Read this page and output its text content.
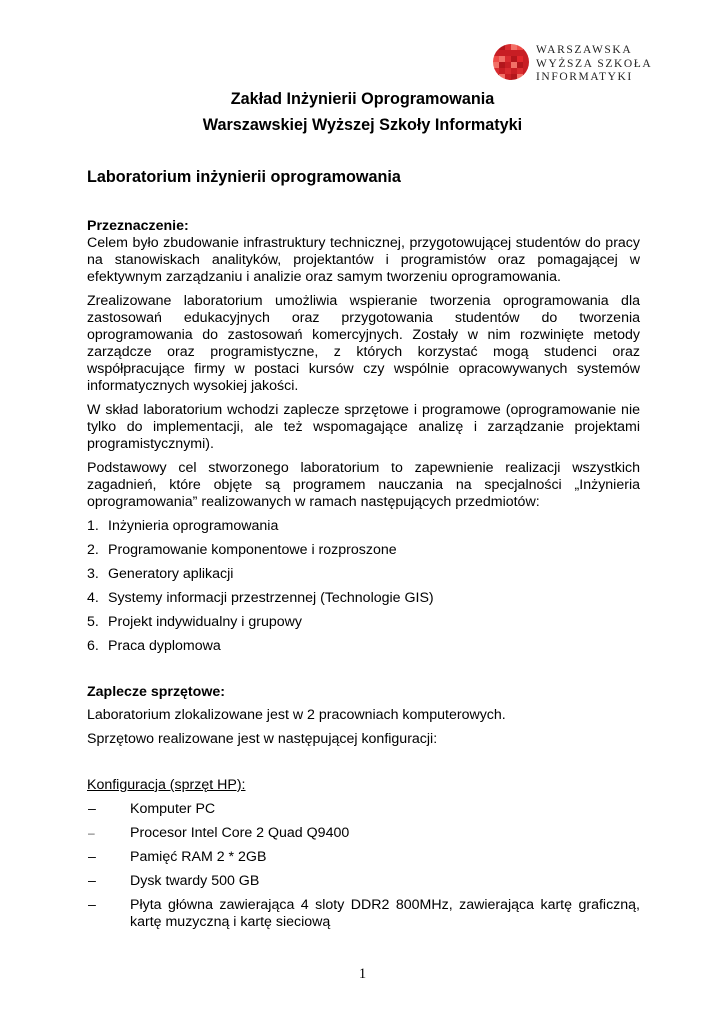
WARSZAWSKA
WYŻSZA SZKOŁA
INFORMATYKI
Zakład Inżynierii Oprogramowania
Warszawskiej Wyższej Szkoły Informatyki
Laboratorium inżynierii oprogramowania

Przeznaczenie:

Celem było zbudowanie infrastruktury technicznej, przygotowującej studentów do pracy na stanowiskach analityków, projektantów i programistów oraz pomagającej w efektywnym zarządzaniu i analizie oraz samym tworzeniu oprogramowania.

Zrealizowane laboratorium umożliwia wspieranie tworzenia oprogramowania dla zastosowań edukacyjnych oraz przygotowania studentów do tworzenia oprogramowania do zastosowań komercyjnych. Zostały w nim rozwinięte metody zarządcze oraz programistyczne, z których korzystać mogą studenci oraz współpracujące firmy w postaci kursów czy wspólnie opracowywanych systemów informatycznych wysokiej jakości.

W skład laboratorium wchodzi zaplecze sprzętowe i programowe (oprogramowanie nie tylko do implementacji, ale też wspomagające analizę i zarządzanie projektami programistycznymi).

Podstawowy cel stworzonego laboratorium to zapewnienie realizacji wszystkich zagadnień, które objęte są programem nauczania na specjalności „Inżynieria oprogramowania” realizowanych w ramach następujących przedmiotów:

1. Inżynieria oprogramowania
2. Programowanie komponentowe i rozproszone
3. Generatory aplikacji
4. Systemy informacji przestrzennej (Technologie GIS)
5. Projekt indywidualny i grupowy
6. Praca dyplomowa

Zaplecze sprzętowe:

Laboratorium zlokalizowane jest w 2 pracowniach komputerowych.

Sprzętowo realizowane jest w następującej konfiguracji:

Konfiguracja (sprzęt HP):

–	Komputer PC
–	Procesor Intel Core 2 Quad Q9400
–	Pamięć RAM 2 * 2GB
–	Dysk twardy 500 GB
–	Płyta główna zawierająca 4 sloty DDR2 800MHz, zawierająca kartę graficzną, kartę muzyczną i kartę sieciową
1
